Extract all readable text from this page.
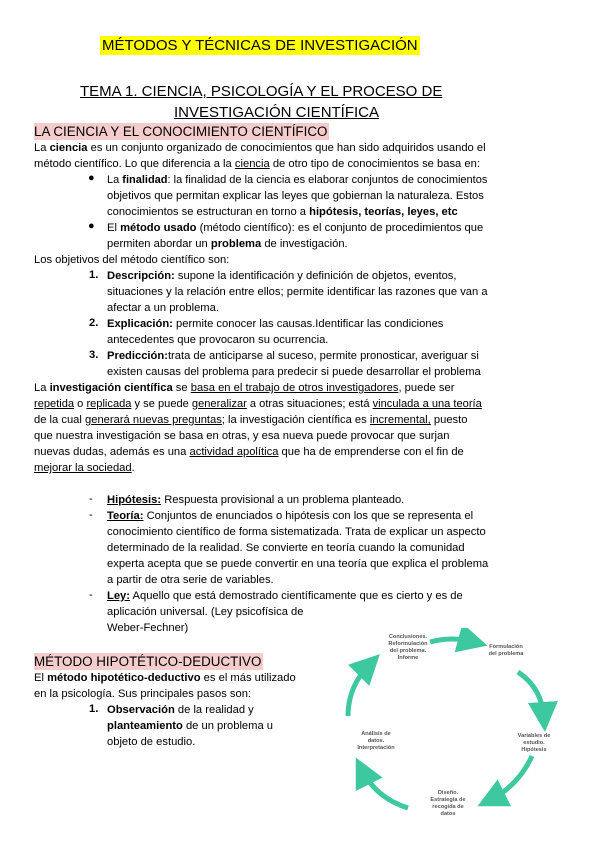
MÉTODOS Y TÉCNICAS DE INVESTIGACIÓN
TEMA 1. CIENCIA, PSICOLOGÍA Y EL PROCESO DE
INVESTIGACIÓN CIENTÍFICA
LA CIENCIA Y EL CONOCIMIENTO CIENTÍFICO
La ciencia es un conjunto organizado de conocimientos que han sido adquiridos usando el
método científico. Lo que diferencia a la ciencia de otro tipo de conocimientos se basa en:
● La finalidad: la finalidad de la ciencia es elaborar conjuntos de conocimientos
objetivos que permitan explicar las leyes que gobiernan la naturaleza. Estos
conocimientos se estructuran en torno a hipótesis, teorías, leyes, etc
● El método usado (método científico): es el conjunto de procedimientos que
permiten abordar un problema de investigación.
Los objetivos del método científico son:
1. Descripción: supone la identificación y definición de objetos, eventos,
situaciones y la relación entre ellos; permite identificar las razones que van a
afectar a un problema.
2. Explicación: permite conocer las causas.Identificar las condiciones
antecedentes que provocaron su ocurrencia.
3. Predicción:trata de anticiparse al suceso, permite pronosticar, averiguar si
existen causas del problema para predecir si puede desarrollar el problema
La investigación científica se basa en el trabajo de otros investigadores, puede ser
repetida o replicada y se puede generalizar a otras situaciones; está vinculada a una teoría
de la cual generará nuevas preguntas; la investigación científica es incremental, puesto
que nuestra investigación se basa en otras, y esa nueva puede provocar que surjan
nuevas dudas, además es una actividad apolítica que ha de emprenderse con el fin de
mejorar la sociedad.
- Hipótesis: Respuesta provisional a un problema planteado.
- Teoría: Conjuntos de enunciados o hipótesis con los que se representa el
conocimiento científico de forma sistematizada. Trata de explicar un aspecto
determinado de la realidad. Se convierte en teoría cuando la comunidad
experta acepta que se puede convertir en una teoría que explica el problema
a partir de otra serie de variables.
- Ley: Aquello que está demostrado científicamente que es cierto y es de
aplicación universal. (Ley psicofísica de
Weber-Fechner)
MÉTODO HIPOTÉTICO-DEDUCTIVO
El método hipotético-deductivo es el más utilizado
en la psicología. Sus principales pasos son:
1. Observación de la realidad y
planteamiento de un problema u
objeto de estudio.
Conclusiones.
Reformulación
del problema.
Informe
Formulación
del problema
Variables de
estudio.
Hipótesis
Diseño.
Estrategia de
recogida de
datos
Análisis de
datos.
Interpretación
